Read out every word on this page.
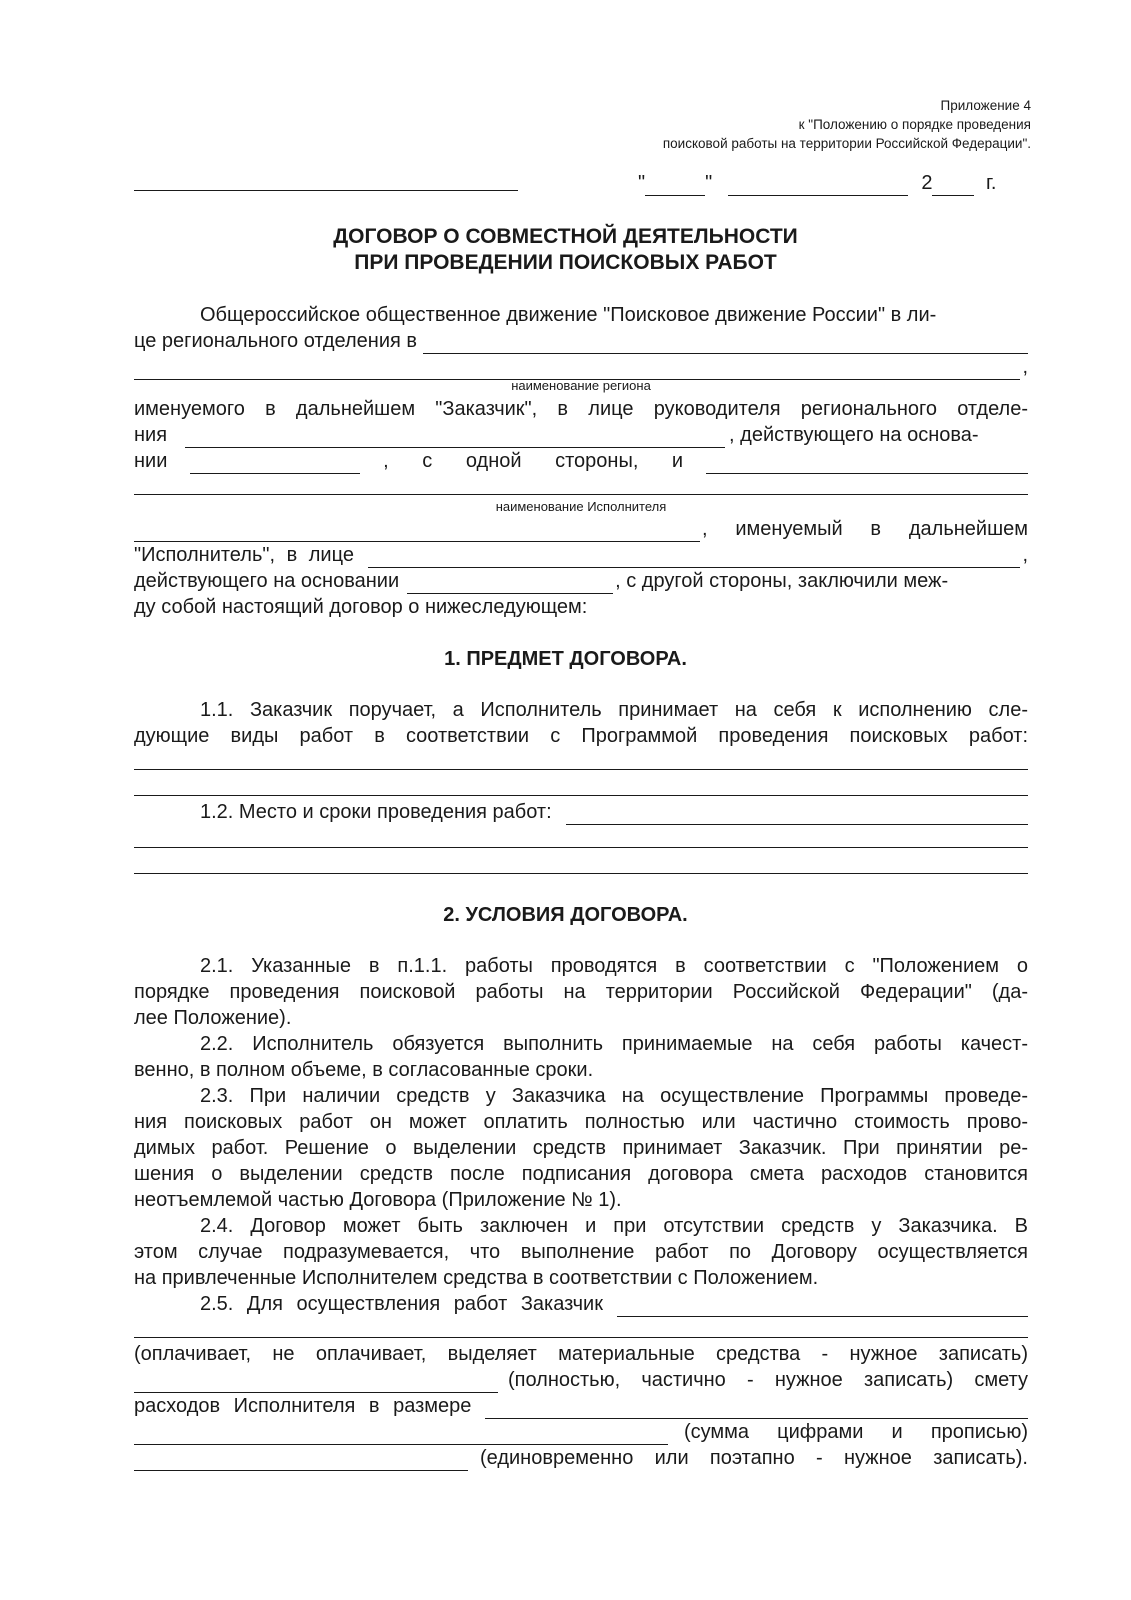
Приложение 4
к "Положению о порядке проведения
поисковой работы на территории Российской Федерации".
"	"	2	г.
ДОГОВОР О СОВМЕСТНОЙ ДЕЯТЕЛЬНОСТИ
ПРИ ПРОВЕДЕНИИ ПОИСКОВЫХ РАБОТ
Общероссийское общественное движение "Поисковое движение России" в ли-
це регионального отделения в
,
наименование региона
именуемого в дальнейшем "Заказчик", в лице руководителя регионального отделе-
ния	, действующего на основа-
нии	, с одной стороны, и
наименование Исполнителя
, именуемый в дальнейшем
"Исполнитель", в лице	,
действующего на основании	, с другой стороны, заключили меж-
ду собой настоящий договор о нижеследующем:
1. ПРЕДМЕТ ДОГОВОРА.
1.1. Заказчик поручает, а Исполнитель принимает на себя к исполнению сле-
дующие виды работ в соответствии с Программой проведения поисковых работ:
1.2. Место и сроки проведения работ:
2. УСЛОВИЯ ДОГОВОРА.
2.1. Указанные в п.1.1. работы проводятся в соответствии с "Положением о
порядке проведения поисковой работы на территории Российской Федерации" (да-
лее Положение).
2.2. Исполнитель обязуется выполнить принимаемые на себя работы качест-
венно, в полном объеме, в согласованные сроки.
2.3. При наличии средств у Заказчика на осуществление Программы проведе-
ния поисковых работ он может оплатить полностью или частично стоимость прово-
димых работ. Решение о выделении средств принимает Заказчик. При принятии ре-
шения о выделении средств после подписания договора смета расходов становится
неотъемлемой частью Договора (Приложение № 1).
2.4. Договор может быть заключен и при отсутствии средств у Заказчика. В
этом случае подразумевается, что выполнение работ по Договору осуществляется
на привлеченные Исполнителем средства в соответствии с Положением.
2.5. Для осуществления работ Заказчик
(оплачивает, не оплачивает, выделяет материальные средства - нужное записать)
(полностью, частично - нужное записать) смету
расходов Исполнителя в размере
(сумма цифрами и прописью)
(единовременно или поэтапно - нужное записать).
